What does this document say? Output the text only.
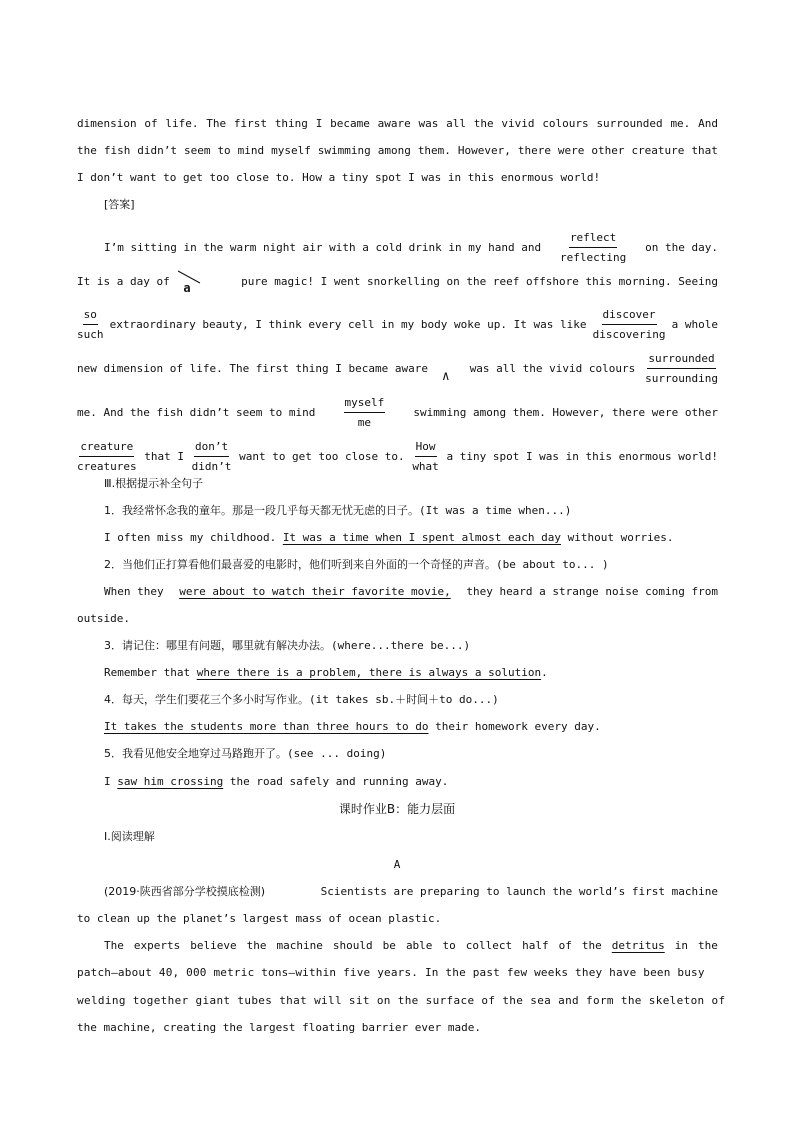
dimension of life. The first thing I became aware was all the vivid colours surrounded me. And
the fish didn’t seem to mind myself swimming among them. However, there were other creature that
I don’t want to get too close to. How a tiny spot I was in this enormous world!
[答案]
I’m sitting in the warm night air with a cold drink in my hand and $\frac{\text{reflect}}{\text{reflecting}}$ on the day.
It is a day of a	pure magic! I went snorkelling on the reef offshore this morning. Seeing
$\frac{so}{\text{such}}$ extraordinary beauty, I think every cell in my body woke up. It was like $\frac{\text{discover}}{\text{discovering}}$ a whole
new dimension of life. The first thing I became aware ∧ was all the vivid colours $\frac{\text{surrounded}}{\text{surrounding}}$
me. And the fish didn’t seem to mind	$\frac{\text{myself}}{me}$	swimming among them. However, there were other
$\frac{\text{creature}}{\text{creatures}}$ that I $\frac{\text{don’t}}{\text{didn’t}}$ want to get too close to. $\frac{\text{How}}{\text{what}}$ a tiny spot I was in this enormous world!
Ⅲ.根据提示补全句子
1．我经常怀念我的童年。那是一段几乎每天都无忧无虑的日子。(It was a time when...)
I often miss my childhood. It was a time when I spent almost each day without worries.
2．当他们正打算看他们最喜爱的电影时，他们听到来自外面的一个奇怪的声音。(be about to... )
When they were about to watch their favorite movie, they heard a strange noise coming from
outside.
3．请记住：哪里有问题，哪里就有解决办法。(where...there be...)
Remember that where there is a problem, there is always a solution.
4．每天，学生们要花三个多小时写作业。(it takes sb.＋时间＋to do...)
It takes the students more than three hours to do their homework every day.
5．我看见他安全地穿过马路跑开了。(see ... doing)
I saw him crossing the road safely and running away.
课时作业B：能力层面
Ⅰ.阅读理解
A
(2019·陕西省部分学校摸底检测)	Scientists are preparing to launch the world’s first machine
to clean up the planet’s largest mass of ocean plastic.
The experts believe the machine should be able to collect half of the detritus in the
patch—about 40, 000 metric tons—within five years. In the past few weeks they have been busy
welding together giant tubes that will sit on the surface of the sea and form the skeleton of
the machine, creating the largest floating barrier ever made.
